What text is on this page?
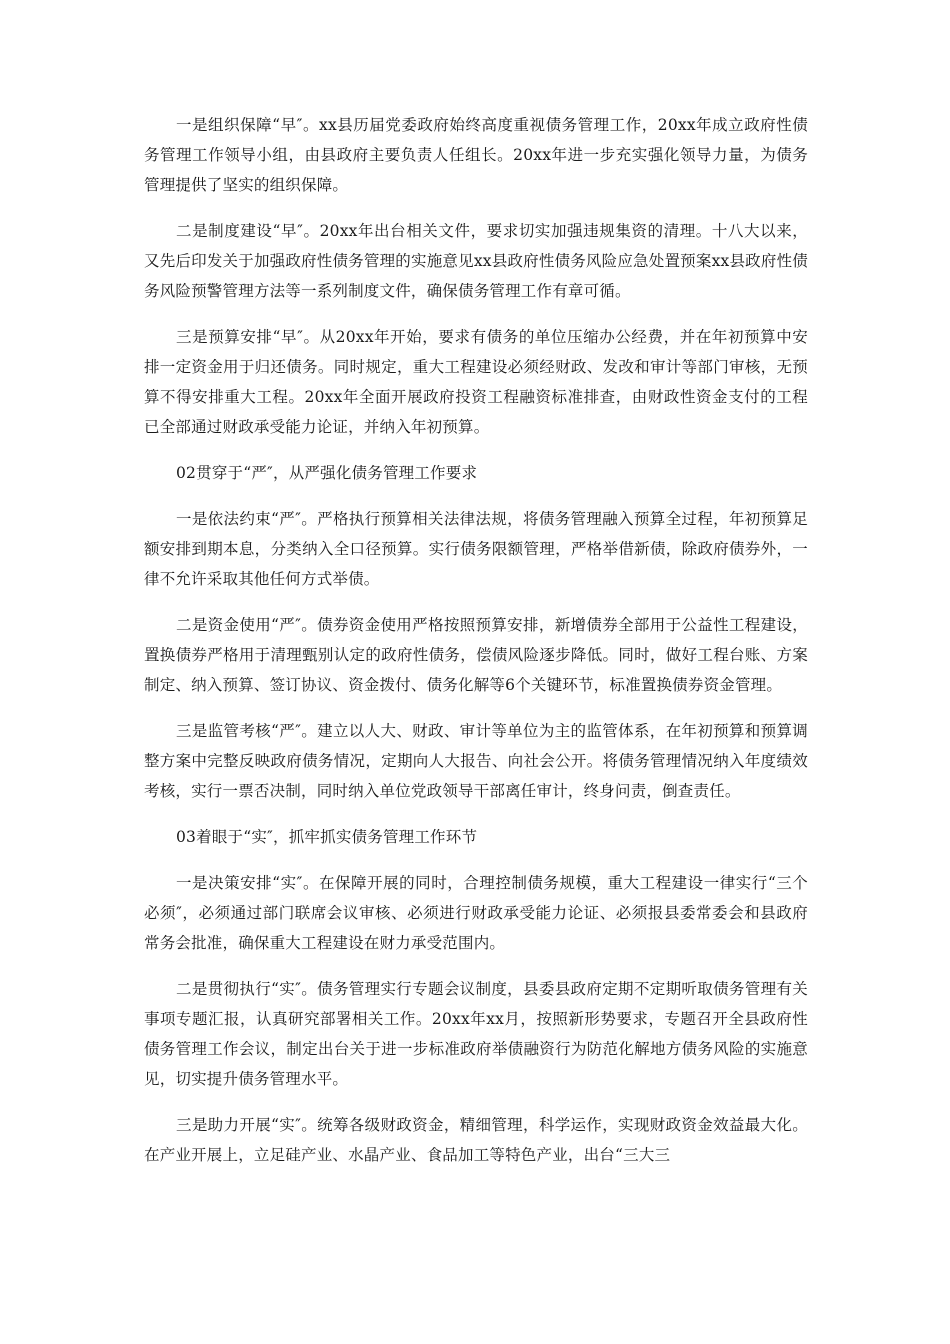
一是组织保障“早″。xx县历届党委政府始终高度重视债务管理工作，20xx年成立政府性债务管理工作领导小组，由县政府主要负责人任组长。20xx年进一步充实强化领导力量，为债务管理提供了坚实的组织保障。

二是制度建设“早″。20xx年出台相关文件，要求切实加强违规集资的清理。十八大以来，又先后印发关于加强政府性债务管理的实施意见xx县政府性债务风险应急处置预案xx县政府性债务风险预警管理方法等一系列制度文件，确保债务管理工作有章可循。

三是预算安排“早″。从20xx年开始，要求有债务的单位压缩办公经费，并在年初预算中安排一定资金用于归还债务。同时规定，重大工程建设必须经财政、发改和审计等部门审核，无预算不得安排重大工程。20xx年全面开展政府投资工程融资标准排查，由财政性资金支付的工程已全部通过财政承受能力论证，并纳入年初预算。

02贯穿于“严″，从严强化债务管理工作要求

一是依法约束“严″。严格执行预算相关法律法规，将债务管理融入预算全过程，年初预算足额安排到期本息，分类纳入全口径预算。实行债务限额管理，严格举借新债，除政府债券外，一律不允许采取其他任何方式举债。

二是资金使用“严″。债券资金使用严格按照预算安排，新增债券全部用于公益性工程建设，置换债券严格用于清理甄别认定的政府性债务，偿债风险逐步降低。同时，做好工程台账、方案制定、纳入预算、签订协议、资金拨付、债务化解等6个关键环节，标准置换债券资金管理。

三是监管考核“严″。建立以人大、财政、审计等单位为主的监管体系，在年初预算和预算调整方案中完整反映政府债务情况，定期向人大报告、向社会公开。将债务管理情况纳入年度绩效考核，实行一票否决制，同时纳入单位党政领导干部离任审计，终身问责，倒查责任。

03着眼于“实″，抓牢抓实债务管理工作环节

一是决策安排“实″。在保障开展的同时，合理控制债务规模，重大工程建设一律实行“三个必须″，必须通过部门联席会议审核、必须进行财政承受能力论证、必须报县委常委会和县政府常务会批准，确保重大工程建设在财力承受范围内。

二是贯彻执行“实″。债务管理实行专题会议制度，县委县政府定期不定期听取债务管理有关事项专题汇报，认真研究部署相关工作。20xx年xx月，按照新形势要求，专题召开全县政府性债务管理工作会议，制定出台关于进一步标准政府举债融资行为防范化解地方债务风险的实施意见，切实提升债务管理水平。

三是助力开展“实″。统筹各级财政资金，精细管理，科学运作，实现财政资金效益最大化。在产业开展上，立足硅产业、水晶产业、食品加工等特色产业，出台“三大三
